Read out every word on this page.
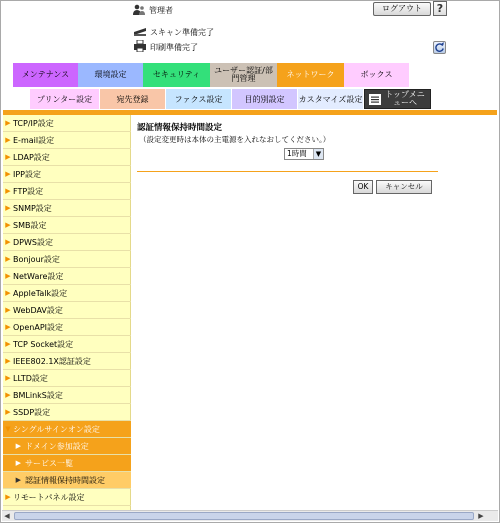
管理者	ログアウト	?
スキャン準備完了
印刷準備完了
メンテナンス	環境設定	セキュリティ	ユーザー認証/部門管理	ネットワーク	ボックス
プリンター設定	宛先登録	ファクス設定	目的別設定	カスタマイズ設定	トップメニューへ
▶ TCP/IP設定
▶ E-mail設定
▶ LDAP設定
▶ IPP設定
▶ FTP設定
▶ SNMP設定
▶ SMB設定
▶ DPWS設定
▶ Bonjour設定
▶ NetWare設定
▶ AppleTalk設定
▶ WebDAV設定
▶ OpenAPI設定
▶ TCP Socket設定
▶ IEEE802.1X認証設定
▶ LLTD設定
▶ BMLinkS設定
▶ SSDP設定
▼ シングルサインオン設定
▶ ドメイン参加設定
▶ サービス一覧
▶ 認証情報保持時間設定
▶ リモートパネル設定
認証情報保持時間設定
（設定変更時は本体の主電源を入れなおしてください。）
1時間	▼
OK	キャンセル
◀	▶
